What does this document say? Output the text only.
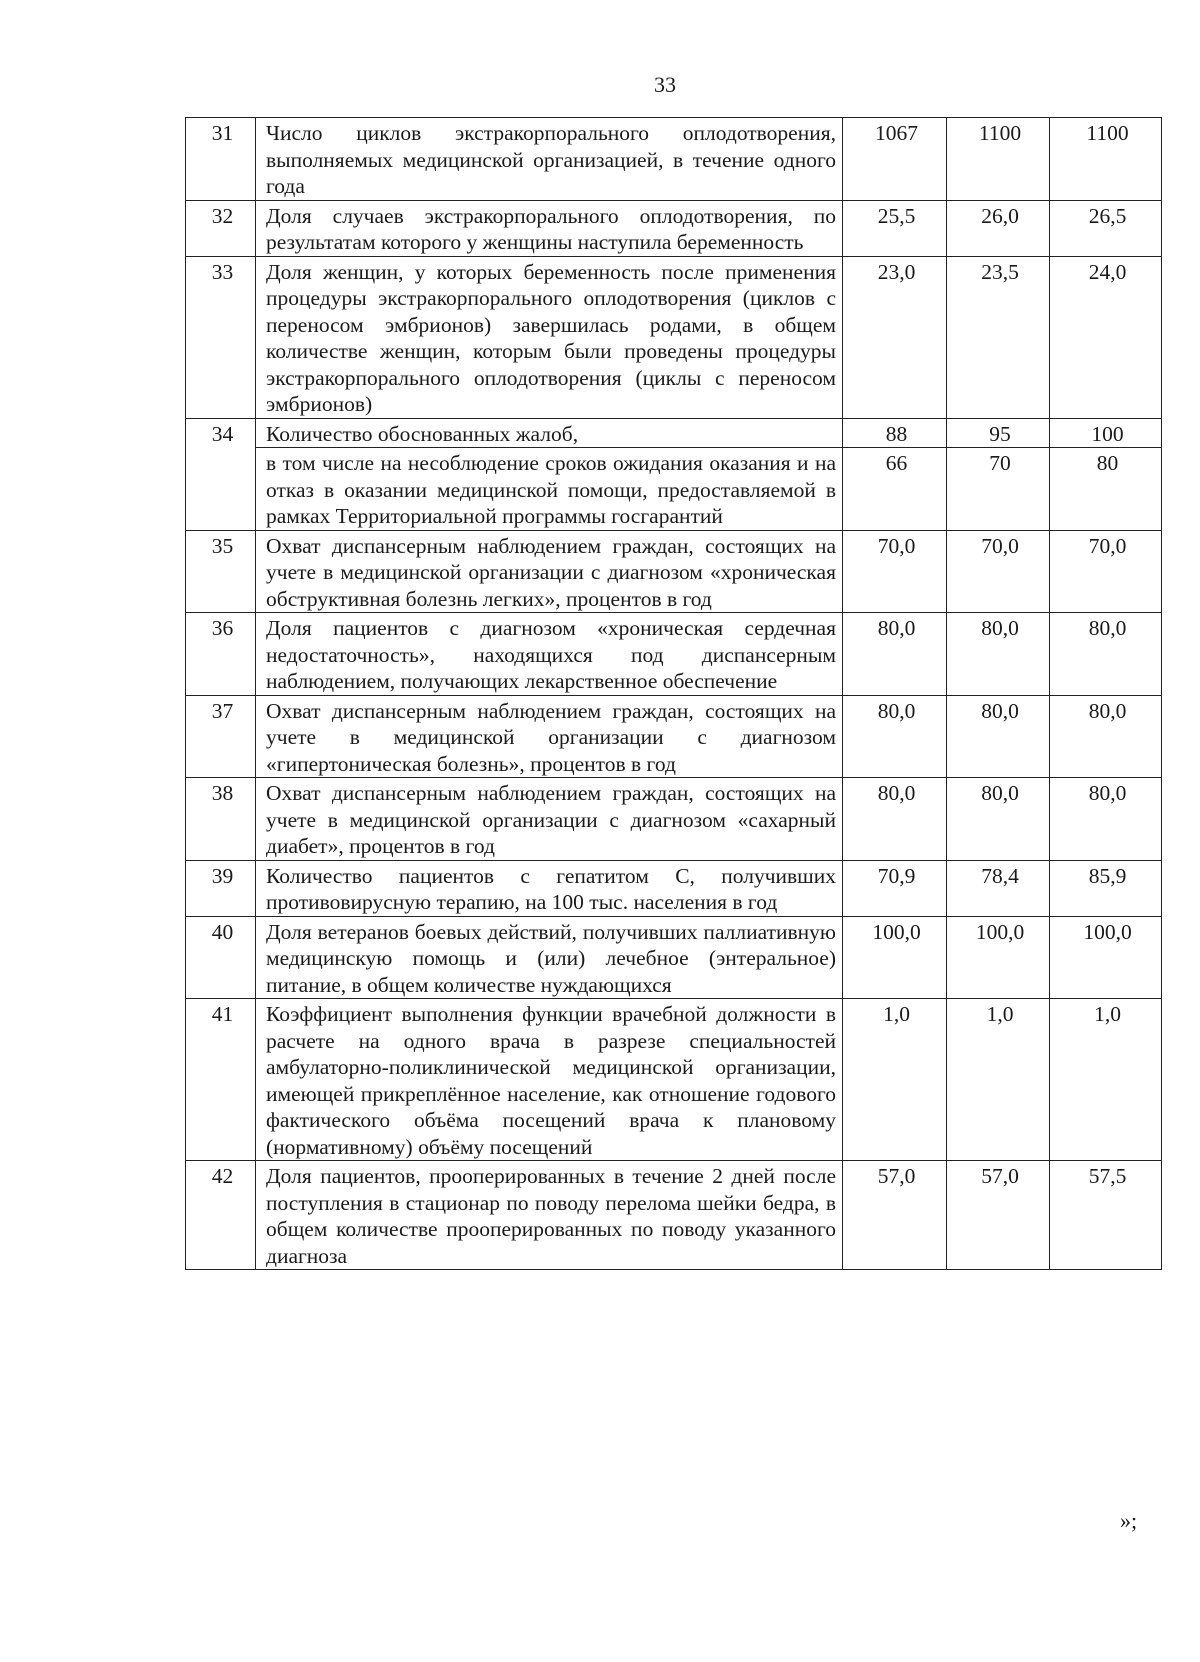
33
31	Число циклов экстракорпорального оплодотворения, выполняемых медицинской организацией, в течение одного года	1067	1100	1100
32	Доля случаев экстракорпорального оплодотворения, по результатам которого у женщины наступила беременность	25,5	26,0	26,5
33	Доля женщин, у которых беременность после применения процедуры экстракорпорального оплодотворения (циклов с переносом эмбрионов) завершилась родами, в общем количестве женщин, которым были проведены процедуры экстракорпорального оплодотворения (циклы с переносом эмбрионов)	23,0	23,5	24,0
34	Количество обоснованных жалоб,	88	95	100
	в том числе на несоблюдение сроков ожидания оказания и на отказ в оказании медицинской помощи, предоставляемой в рамках Территориальной программы госгарантий	66	70	80
35	Охват диспансерным наблюдением граждан, состоящих на учете в медицинской организации с диагнозом «хроническая обструктивная болезнь легких», процентов в год	70,0	70,0	70,0
36	Доля пациентов с диагнозом «хроническая сердечная недостаточность», находящихся под диспансерным наблюдением, получающих лекарственное обеспечение	80,0	80,0	80,0
37	Охват диспансерным наблюдением граждан, состоящих на учете в медицинской организации с диагнозом «гипертоническая болезнь», процентов в год	80,0	80,0	80,0
38	Охват диспансерным наблюдением граждан, состоящих на учете в медицинской организации с диагнозом «сахарный диабет», процентов в год	80,0	80,0	80,0
39	Количество пациентов с гепатитом С, получивших противовирусную терапию, на 100 тыс. населения в год	70,9	78,4	85,9
40	Доля ветеранов боевых действий, получивших паллиативную медицинскую помощь и (или) лечебное (энтеральное) питание, в общем количестве нуждающихся	100,0	100,0	100,0
41	Коэффициент выполнения функции врачебной должности в расчете на одного врача в разрезе специальностей амбулаторно-поликлинической медицинской организации, имеющей прикреплённое население, как отношение годового фактического объёма посещений врача к плановому (нормативному) объёму посещений	1,0	1,0	1,0
42	Доля пациентов, прооперированных в течение 2 дней после поступления в стационар по поводу перелома шейки бедра, в общем количестве прооперированных по поводу указанного диагноза	57,0	57,0	57,5
»;
